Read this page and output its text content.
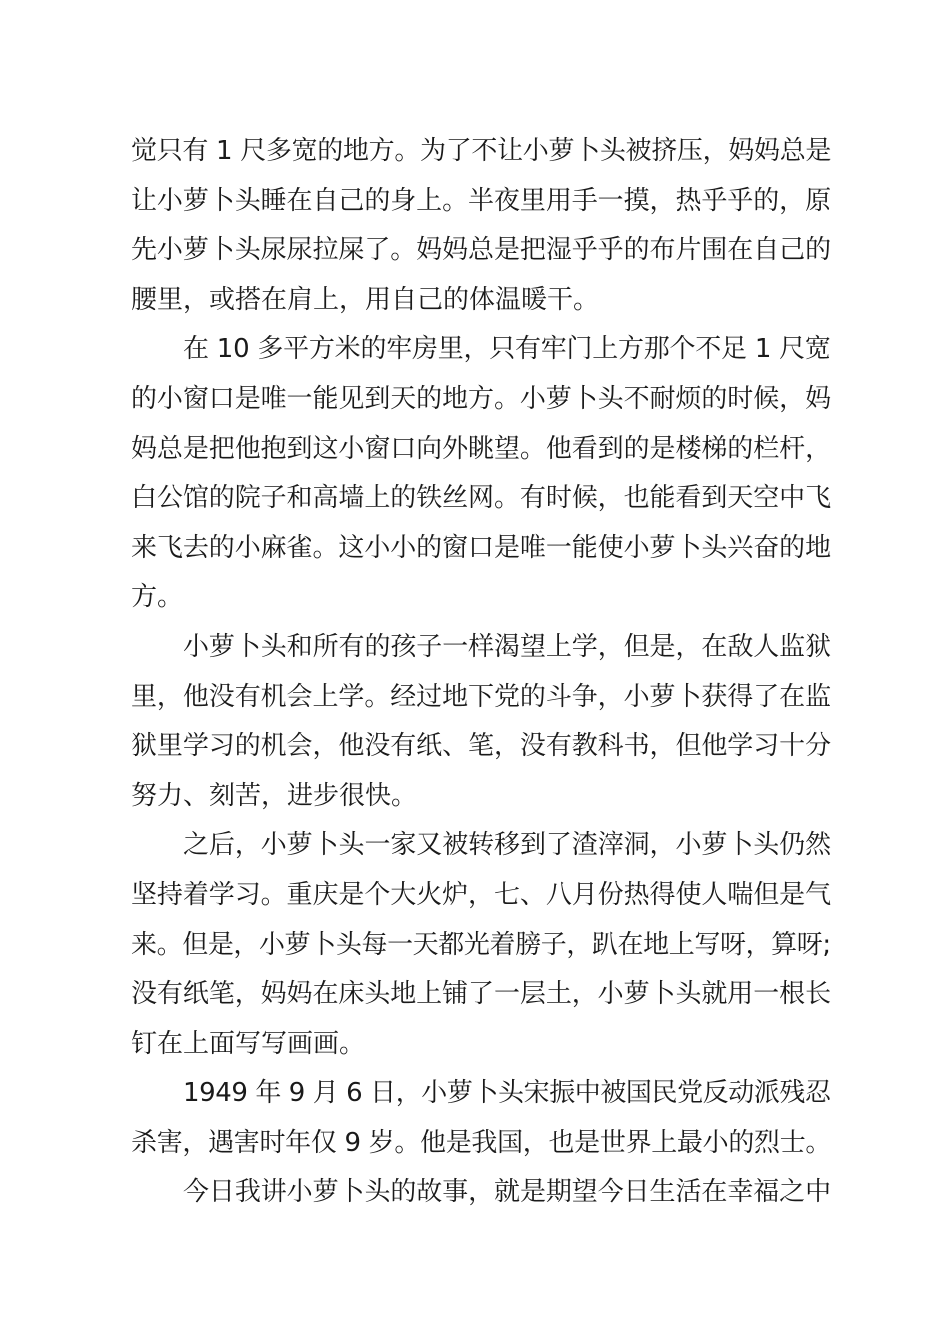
觉只有 1 尺多宽的地方。为了不让小萝卜头被挤压，妈妈总是
让小萝卜头睡在自己的身上。半夜里用手一摸，热乎乎的，原
先小萝卜头尿尿拉屎了。妈妈总是把湿乎乎的布片围在自己的
腰里，或搭在肩上，用自己的体温暖干。
在 10 多平方米的牢房里，只有牢门上方那个不足 1 尺宽
的小窗口是唯一能见到天的地方。小萝卜头不耐烦的时候，妈
妈总是把他抱到这小窗口向外眺望。他看到的是楼梯的栏杆，
白公馆的院子和高墙上的铁丝网。有时候，也能看到天空中飞
来飞去的小麻雀。这小小的窗口是唯一能使小萝卜头兴奋的地
方。
小萝卜头和所有的孩子一样渴望上学，但是，在敌人监狱
里，他没有机会上学。经过地下党的斗争，小萝卜获得了在监
狱里学习的机会，他没有纸、笔，没有教科书，但他学习十分
努力、刻苦，进步很快。
之后，小萝卜头一家又被转移到了渣滓洞，小萝卜头仍然
坚持着学习。重庆是个大火炉，七、八月份热得使人喘但是气
来。但是，小萝卜头每一天都光着膀子，趴在地上写呀，算呀;
没有纸笔，妈妈在床头地上铺了一层土，小萝卜头就用一根长
钉在上面写写画画。
1949 年 9 月 6 日，小萝卜头宋振中被国民党反动派残忍
杀害，遇害时年仅 9 岁。他是我国，也是世界上最小的烈士。
今日我讲小萝卜头的故事，就是期望今日生活在幸福之中
